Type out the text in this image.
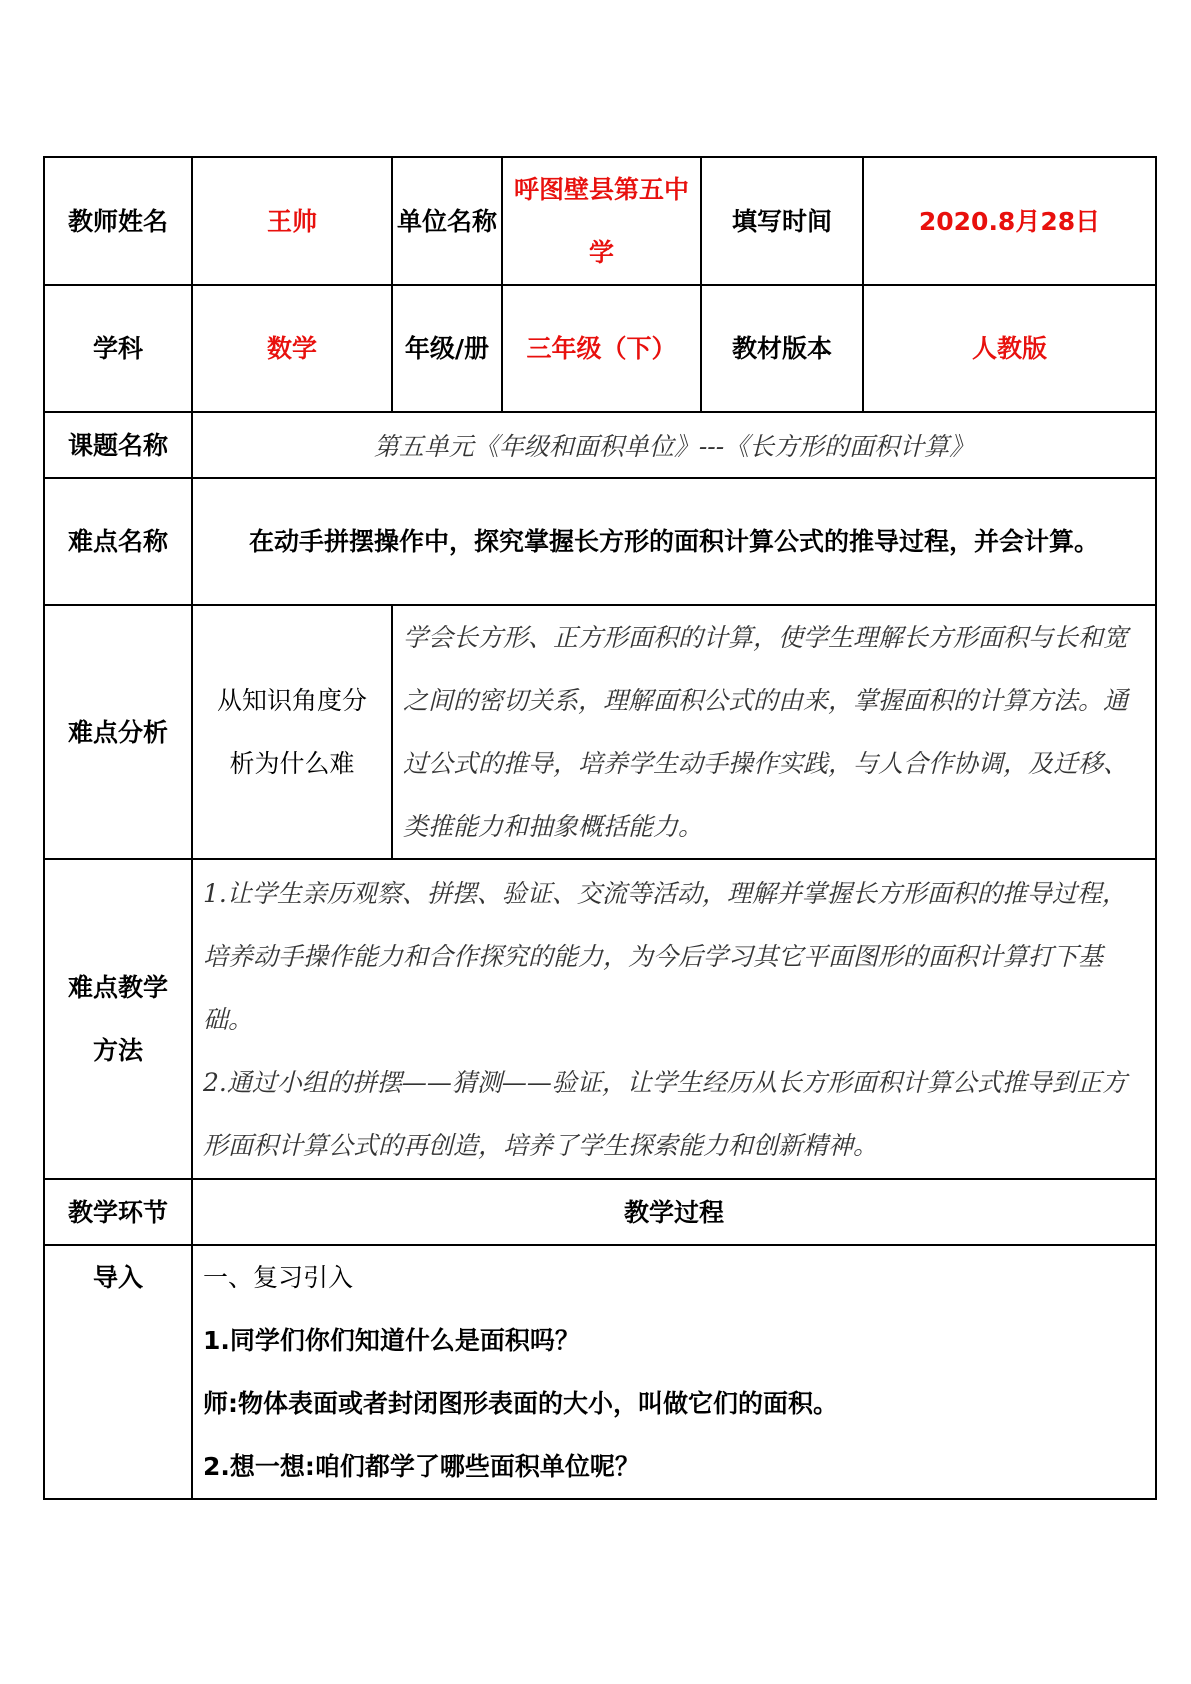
教师姓名	王帅	单位名称	呼图壁县第五中学	填写时间	2020.8月28日
学科	数学	年级/册	三年级（下）	教材版本	人教版
课题名称	第五单元《年级和面积单位》---《长方形的面积计算》				
难点名称	在动手拼摆操作中，探究掌握长方形的面积计算公式的推导过程，并会计算。				
难点分析	从知识角度分析为什么难	学会长方形、正方形面积的计算，使学生理解长方形面积与长和宽之间的密切关系，理解面积公式的由来，掌握面积的计算方法。通过公式的推导，培养学生动手操作实践，与人合作协调，及迁移、类推能力和抽象概括能力。			
难点教学方法	1.让学生亲历观察、拼摆、验证、交流等活动，理解并掌握长方形面积的推导过程，培养动手操作能力和合作探究的能力，为今后学习其它平面图形的面积计算打下基础。
2.通过小组的拼摆——猜测——验证，让学生经历从长方形面积计算公式推导到正方形面积计算公式的再创造，培养了学生探索能力和创新精神。				

教学环节	教学过程				
导入	一、复习引入
1.同学们你们知道什么是面积吗？
师:物体表面或者封闭图形表面的大小，叫做它们的面积。
2.想一想:咱们都学了哪些面积单位呢？				
